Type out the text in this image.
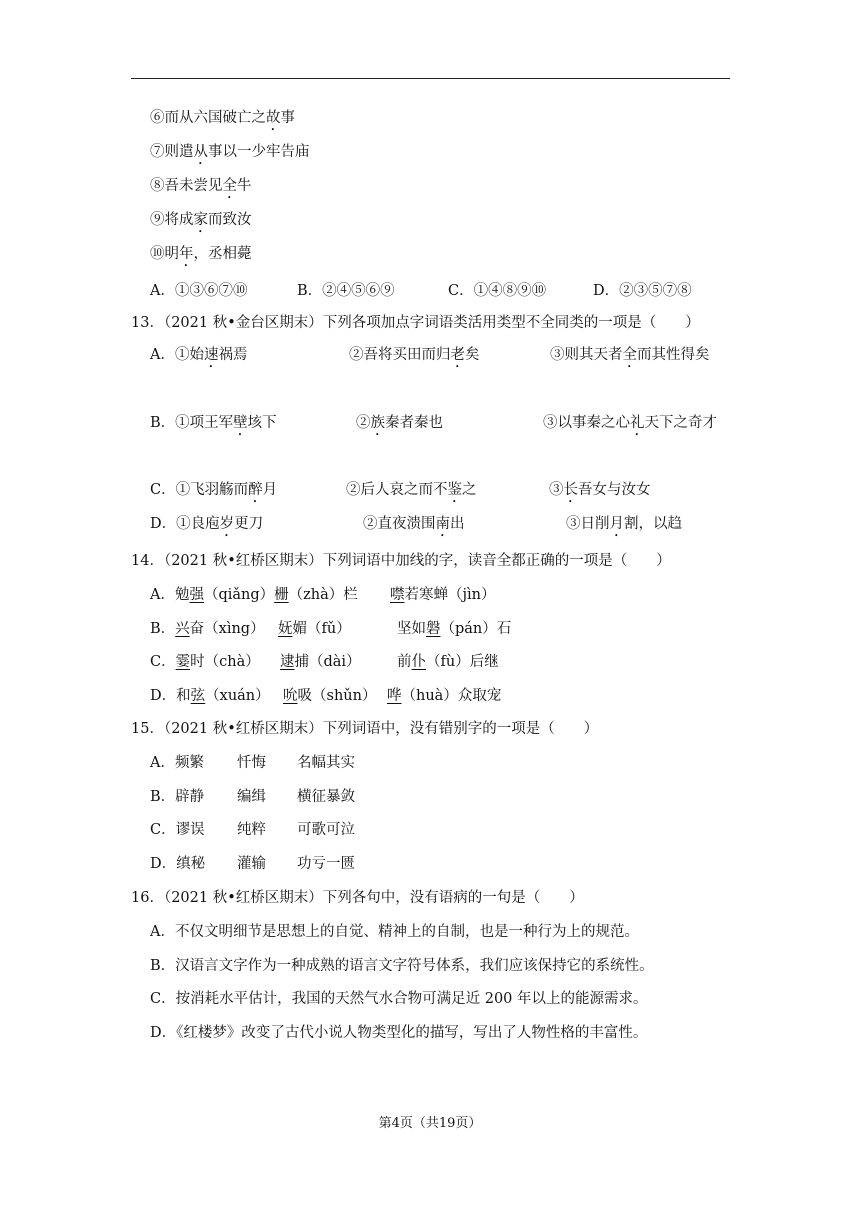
⑥而从六国破亡之故事
⑦则遣从事以一少牢告庙
⑧吾未尝见全牛
⑨将成家而致汝
⑩明年，丞相薨
A．①③⑥⑦⑩	B．②④⑤⑥⑨	C．①④⑧⑨⑩	D．②③⑤⑦⑧
13．（2021 秋•金台区期末）下列各项加点字词语类活用类型不全同类的一项是（　　）
A．①始速祸焉	②吾将买田而归老矣	③则其天者全而其性得矣
B．①项王军壁垓下	②族秦者秦也	③以事秦之心礼天下之奇才
C．①飞羽觞而醉月	②后人哀之而不鉴之	③长吾女与汝女
D．①良庖岁更刀	②直夜溃围南出	③日削月割，以趋
14．（2021 秋•红桥区期末）下列词语中加线的字，读音全都正确的一项是（　　）
A．勉强（qiǎng）栅（zhà）栏 噤若寒蝉（jìn）
B．兴奋（xìng） 妩媚（fǔ）	坚如磐（pán）石
C．霎时（chà） 逮捕（dài）	前仆（fù）后继
D．和弦（xuán） 吮吸（shǔn） 哗（huà）众取宠
15．（2021 秋•红桥区期末）下列词语中，没有错别字的一项是（　　）
A．频繁 忏悔 名幅其实
B．辟静 编缉 横征暴敛
C．谬误 纯粹 可歌可泣
D．缜秘 灌输 功亏一匮
16．（2021 秋•红桥区期末）下列各句中，没有语病的一句是（　　）
A．不仅文明细节是思想上的自觉、精神上的自制，也是一种行为上的规范。
B．汉语言文字作为一种成熟的语言文字符号体系，我们应该保持它的系统性。
C．按消耗水平估计，我国的天然气水合物可满足近 200 年以上的能源需求。
D．《红楼梦》改变了古代小说人物类型化的描写，写出了人物性格的丰富性。
第4页（共19页）
